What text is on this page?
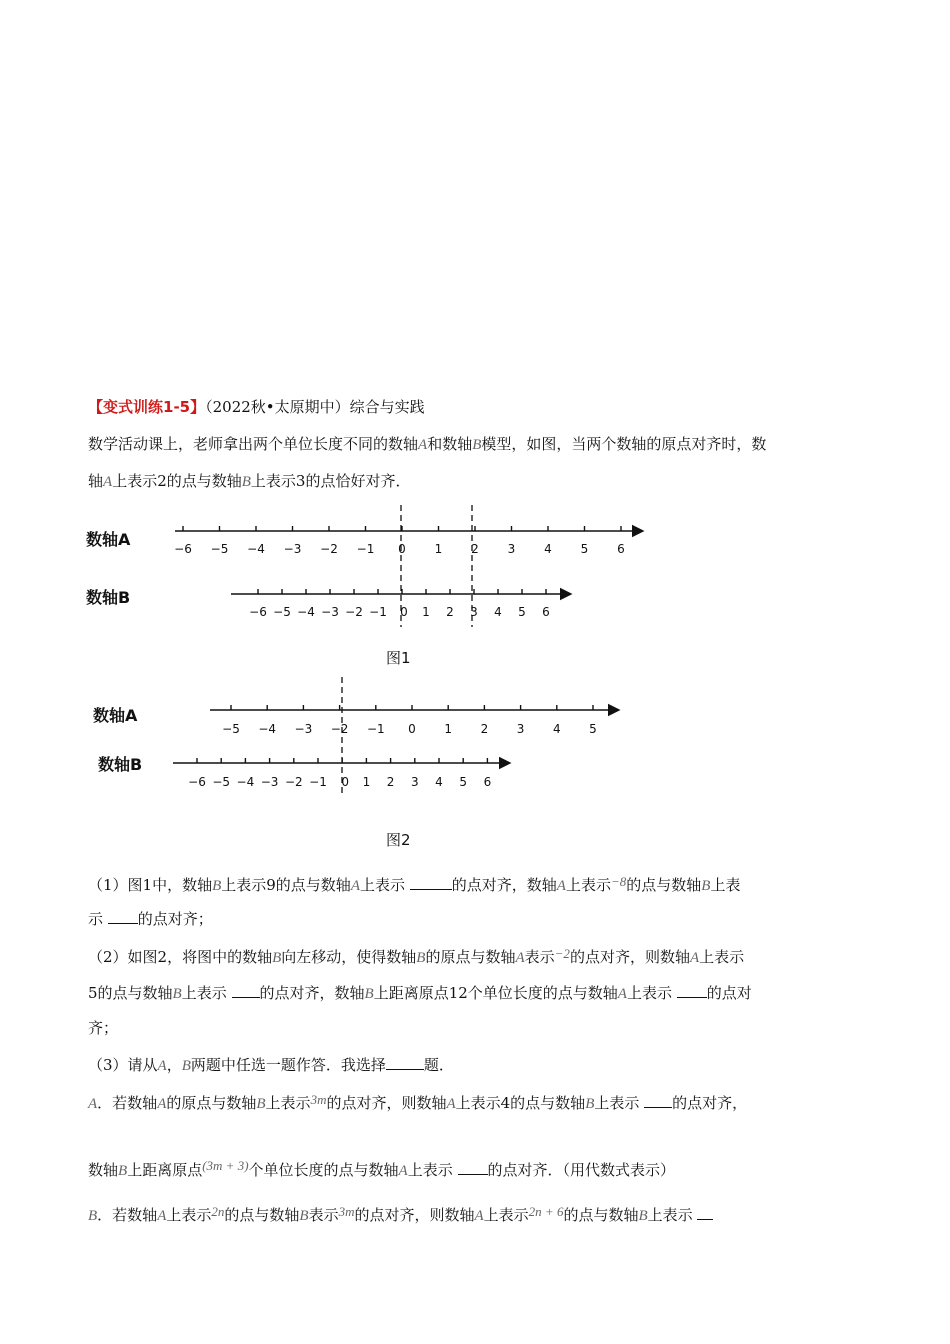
【变式训练1-5】（2022秋•太原期中）综合与实践
数学活动课上，老师拿出两个单位长度不同的数轴A和数轴B模型，如图，当两个数轴的原点对齐时，数
轴A上表示2的点与数轴B上表示3的点恰好对齐．
数轴A	−6 −5 −4 −3 −2 −1 0 1 2 3 4 5 6
数轴B
−6 −5 −4 −3 −2 −1 0 1 2 3 4 5 6
图1
数轴A
−5 −4 −3 −2 −1 0 1 2 3 4 5
数轴B
−6 −5 −4 −3 −2 −1 0 1 2 3 4 5 6
图2
（1）图1中，数轴B上表示9的点与数轴A上表示	的点对齐，数轴A上表示−8的点与数轴B上表
示 的点对齐；
（2）如图2，将图中的数轴B向左移动，使得数轴B的原点与数轴A表示−2的点对齐，则数轴A上表示
5的点与数轴B上表示 的点对齐，数轴B上距离原点12个单位长度的点与数轴A上表示 的点对
齐；
（3）请从A，B两题中任选一题作答．我选择	题．
A．若数轴A的原点与数轴B上表示3m的点对齐，则数轴A上表示4的点与数轴B上表示 的点对齐，
数轴B上距离原点(3m + 3)个单位长度的点与数轴A上表示 的点对齐．（用代数式表示）
B．若数轴A上表示2n的点与数轴B表示3m的点对齐，则数轴A上表示2n + 6的点与数轴B上表示
